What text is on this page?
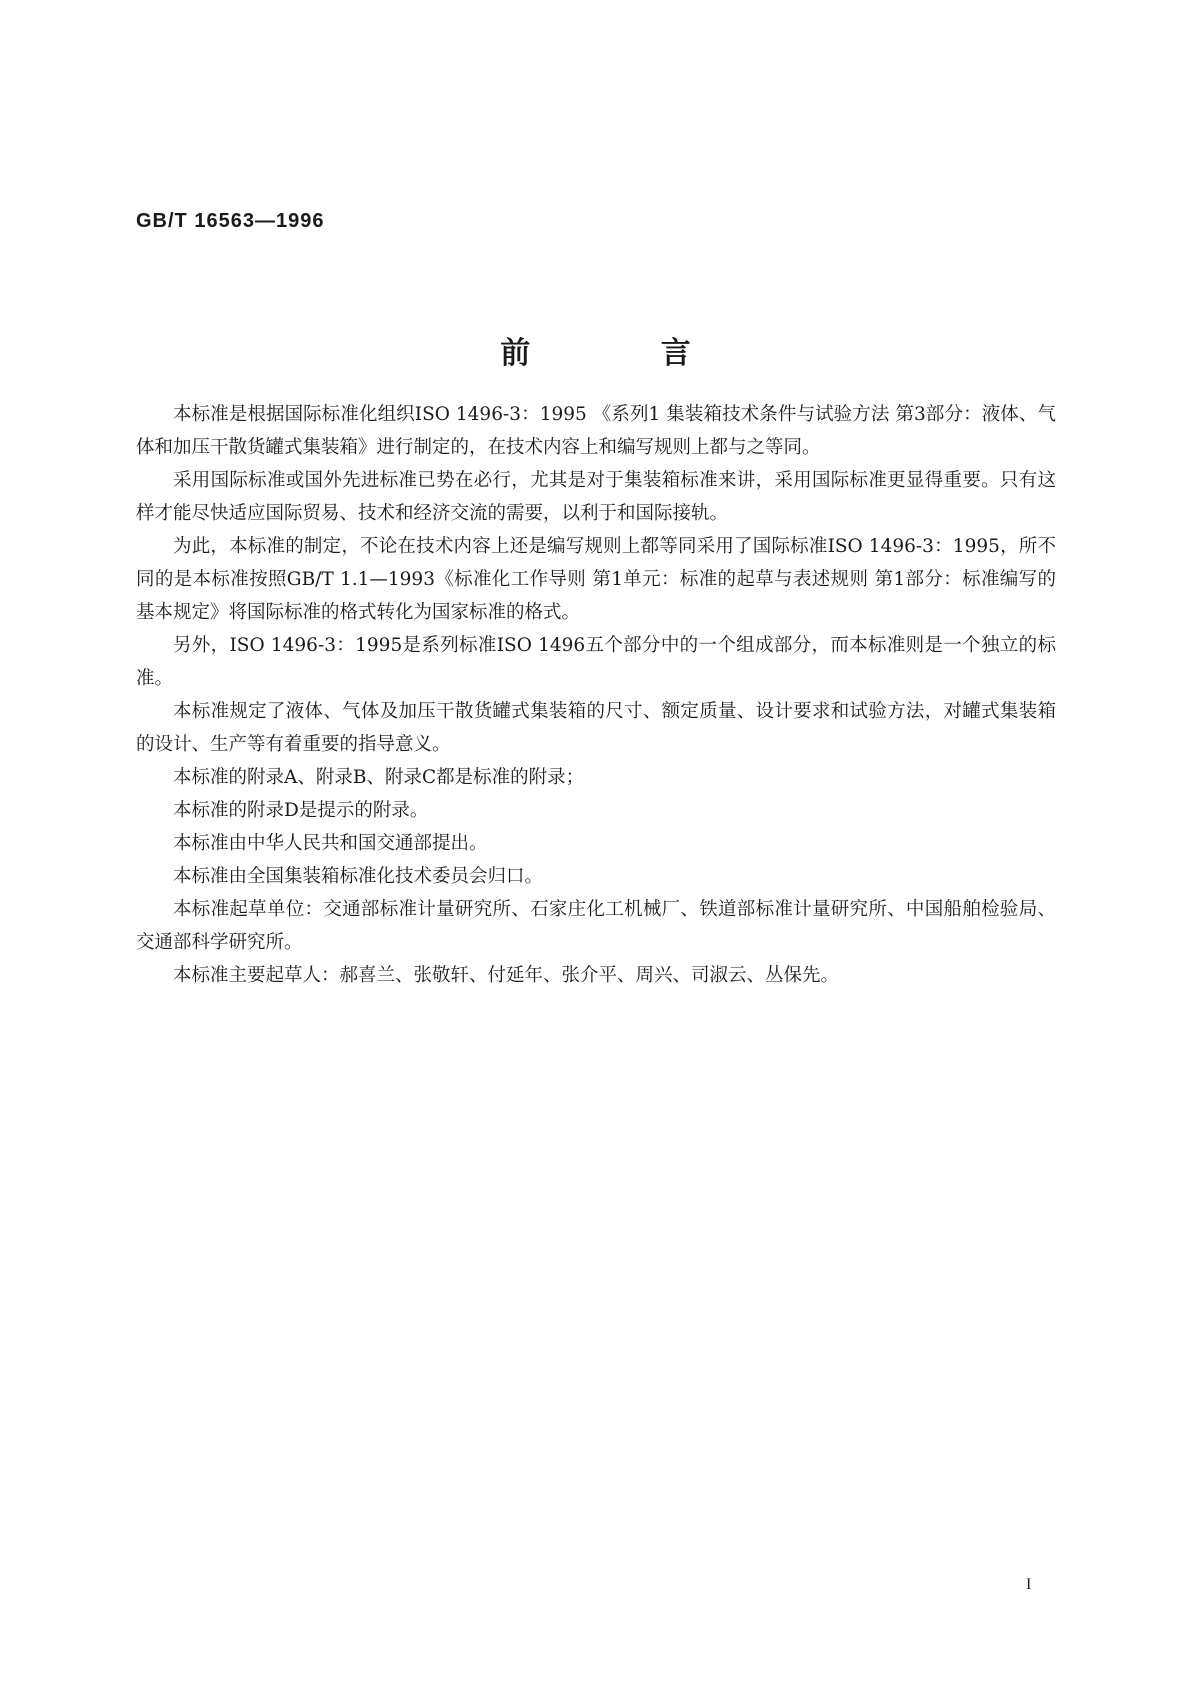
GB/T 16563—1996
前 言

本标准是根据国际标准化组织ISO 1496-3：1995 《系列1 集装箱技术条件与试验方法 第3部分：液体、气体和加压干散货罐式集装箱》进行制定的，在技术内容上和编写规则上都与之等同。

采用国际标准或国外先进标准已势在必行，尤其是对于集装箱标准来讲，采用国际标准更显得重要。只有这样才能尽快适应国际贸易、技术和经济交流的需要，以利于和国际接轨。

为此，本标准的制定，不论在技术内容上还是编写规则上都等同采用了国际标准ISO 1496-3：1995，所不同的是本标准按照GB/T 1.1—1993《标准化工作导则 第1单元：标准的起草与表述规则 第1部分：标准编写的基本规定》将国际标准的格式转化为国家标准的格式。

另外，ISO 1496-3：1995是系列标准ISO 1496五个部分中的一个组成部分，而本标准则是一个独立的标准。

本标准规定了液体、气体及加压干散货罐式集装箱的尺寸、额定质量、设计要求和试验方法，对罐式集装箱的设计、生产等有着重要的指导意义。

本标准的附录A、附录B、附录C都是标准的附录；

本标准的附录D是提示的附录。

本标准由中华人民共和国交通部提出。

本标准由全国集装箱标准化技术委员会归口。

本标准起草单位：交通部标准计量研究所、石家庄化工机械厂、铁道部标准计量研究所、中国船舶检验局、交通部科学研究所。

本标准主要起草人：郝喜兰、张敬轩、付延年、张介平、周兴、司淑云、丛保先。

I
